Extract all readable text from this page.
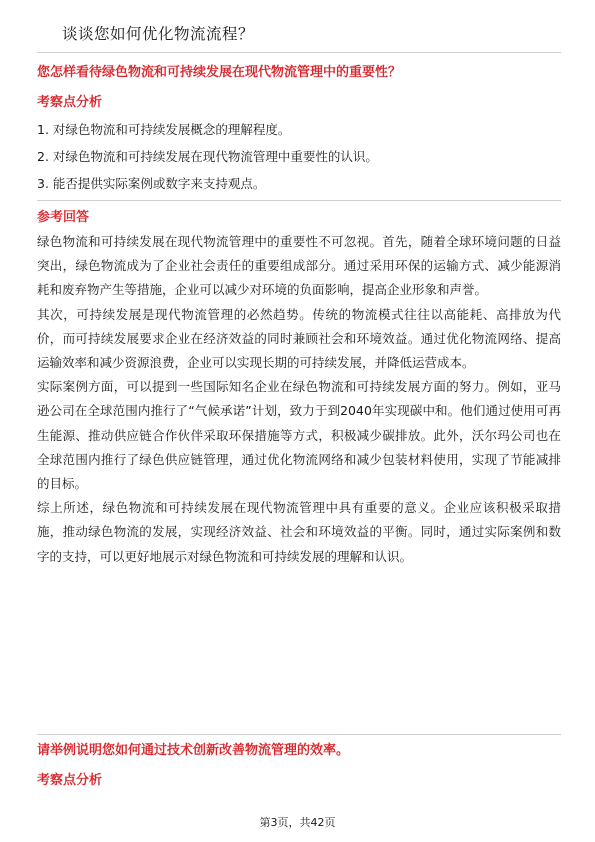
谈谈您如何优化物流流程？
您怎样看待绿色物流和可持续发展在现代物流管理中的重要性？
考察点分析
1. 对绿色物流和可持续发展概念的理解程度。
2. 对绿色物流和可持续发展在现代物流管理中重要性的认识。
3. 能否提供实际案例或数字来支持观点。
参考回答

绿色物流和可持续发展在现代物流管理中的重要性不可忽视。首先，随着全球环境问题的日益突出，绿色物流成为了企业社会责任的重要组成部分。通过采用环保的运输方式、减少能源消耗和废弃物产生等措施，企业可以减少对环境的负面影响，提高企业形象和声誉。

其次，可持续发展是现代物流管理的必然趋势。传统的物流模式往往以高能耗、高排放为代价，而可持续发展要求企业在经济效益的同时兼顾社会和环境效益。通过优化物流网络、提高运输效率和减少资源浪费，企业可以实现长期的可持续发展，并降低运营成本。

实际案例方面，可以提到一些国际知名企业在绿色物流和可持续发展方面的努力。例如，亚马逊公司在全球范围内推行了“气候承诺”计划，致力于到2040年实现碳中和。他们通过使用可再生能源、推动供应链合作伙伴采取环保措施等方式，积极减少碳排放。此外，沃尔玛公司也在全球范围内推行了绿色供应链管理，通过优化物流网络和减少包装材料使用，实现了节能减排的目标。

综上所述，绿色物流和可持续发展在现代物流管理中具有重要的意义。企业应该积极采取措施，推动绿色物流的发展，实现经济效益、社会和环境效益的平衡。同时，通过实际案例和数字的支持，可以更好地展示对绿色物流和可持续发展的理解和认识。

请举例说明您如何通过技术创新改善物流管理的效率。
考察点分析
第3页，共42页
